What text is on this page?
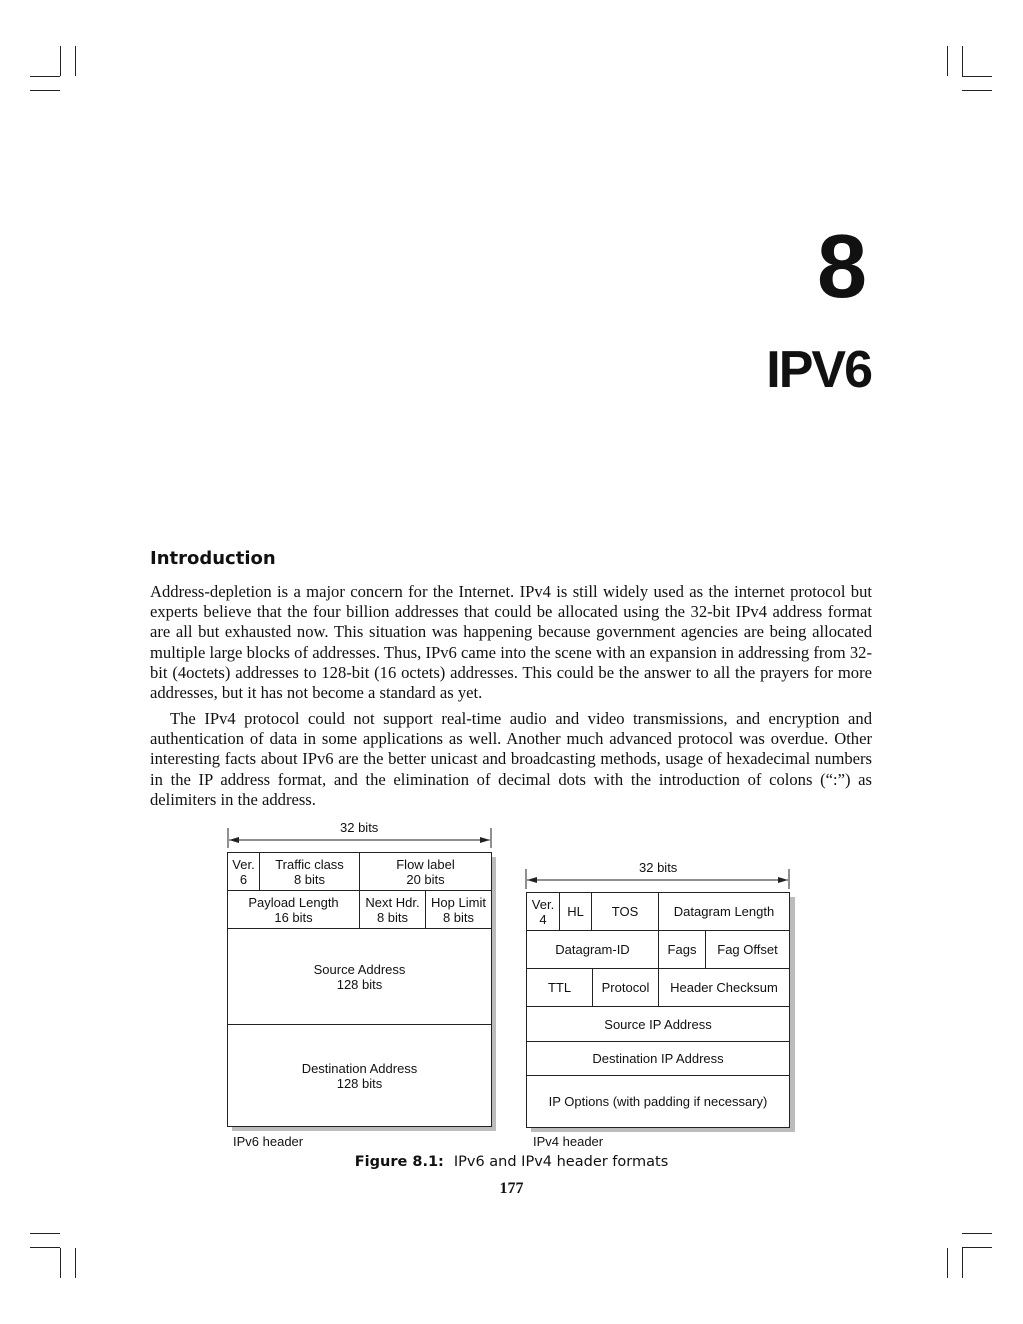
8
IPV6
Introduction

Address-depletion is a major concern for the Internet. IPv4 is still widely used as the internet protocol but experts believe that the four billion addresses that could be allocated using the 32-bit IPv4 address format are all but exhausted now. This situation was happening because government agencies are being allocated multiple large blocks of addresses. Thus, IPv6 came into the scene with an expansion in addressing from 32-bit (4octets) addresses to 128-bit (16 octets) addresses. This could be the answer to all the prayers for more addresses, but it has not become a standard as yet.

The IPv4 protocol could not support real-time audio and video transmissions, and encryption and authentication of data in some applications as well. Another much advanced protocol was overdue. Other interesting facts about IPv6 are the better unicast and broadcasting methods, usage of hexadecimal numbers in the IP address format, and the elimination of decimal dots with the introduction of colons (“:”) as delimiters in the address.

32 bits
Ver.
6
Traffic class
8 bits
Flow label
20 bits
Payload Length
16 bits
Next Hdr.
8 bits
Hop Limit
8 bits
Source Address
128 bits
Destination Address
128 bits
IPv6 header
32 bits
Ver.
4 HL TOS	Datagram Length
Datagram-ID	Fags Fag Offset
TTL Protocol Header Checksum
Source IP Address
Destination IP Address
IP Options (with padding if necessary)
IPv4 header
Figure 8.1: IPv6 and IPv4 header formats
177
